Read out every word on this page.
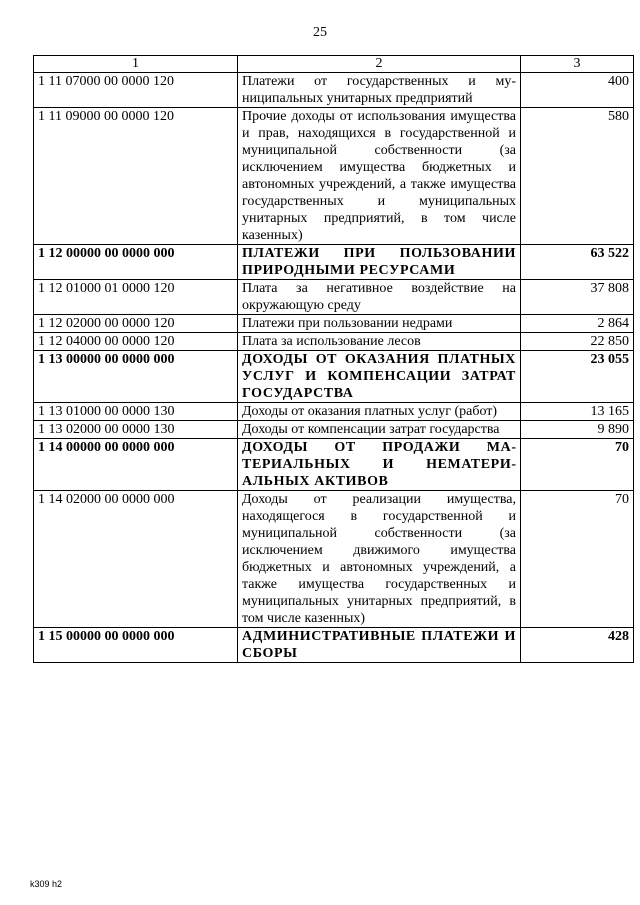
25
1	2	3
1 11 07000 00 0000 120	Платежи от государственных и муниципальных унитарных предприятий	400
1 11 09000 00 0000 120	Прочие доходы от использования имущества и прав, находящихся в государственной и муниципальной собственности (за исключением имущества бюджетных и автономных учреждений, а также имущества государственных и муниципальных унитарных предприятий, в том числе казенных)	580
1 12 00000 00 0000 000	ПЛАТЕЖИ ПРИ ПОЛЬЗОВАНИИ ПРИРОДНЫМИ РЕСУРСАМИ	63 522
1 12 01000 01 0000 120	Плата за негативное воздействие на окружающую среду	37 808
1 12 02000 00 0000 120	Платежи при пользовании недрами	2 864
1 12 04000 00 0000 120	Плата за использование лесов	22 850
1 13 00000 00 0000 000	ДОХОДЫ ОТ ОКАЗАНИЯ ПЛАТНЫХ УСЛУГ И КОМПЕНСАЦИИ ЗАТРАТ ГОСУДАРСТВА	23 055
1 13 01000 00 0000 130	Доходы от оказания платных услуг (работ)	13 165
1 13 02000 00 0000 130	Доходы от компенсации затрат государства	9 890
1 14 00000 00 0000 000	ДОХОДЫ ОТ ПРОДАЖИ МАТЕРИАЛЬНЫХ И НЕМАТЕРИАЛЬНЫХ АКТИВОВ	70
1 14 02000 00 0000 000	Доходы от реализации имущества, находящегося в государственной и муниципальной собственности (за исключением движимого имущества бюджетных и автономных учреждений, а также имущества государственных и муниципальных унитарных предприятий, в том числе казенных)	70
1 15 00000 00 0000 000	АДМИНИСТРАТИВНЫЕ ПЛАТЕЖИ И СБОРЫ	428
k309 h2
